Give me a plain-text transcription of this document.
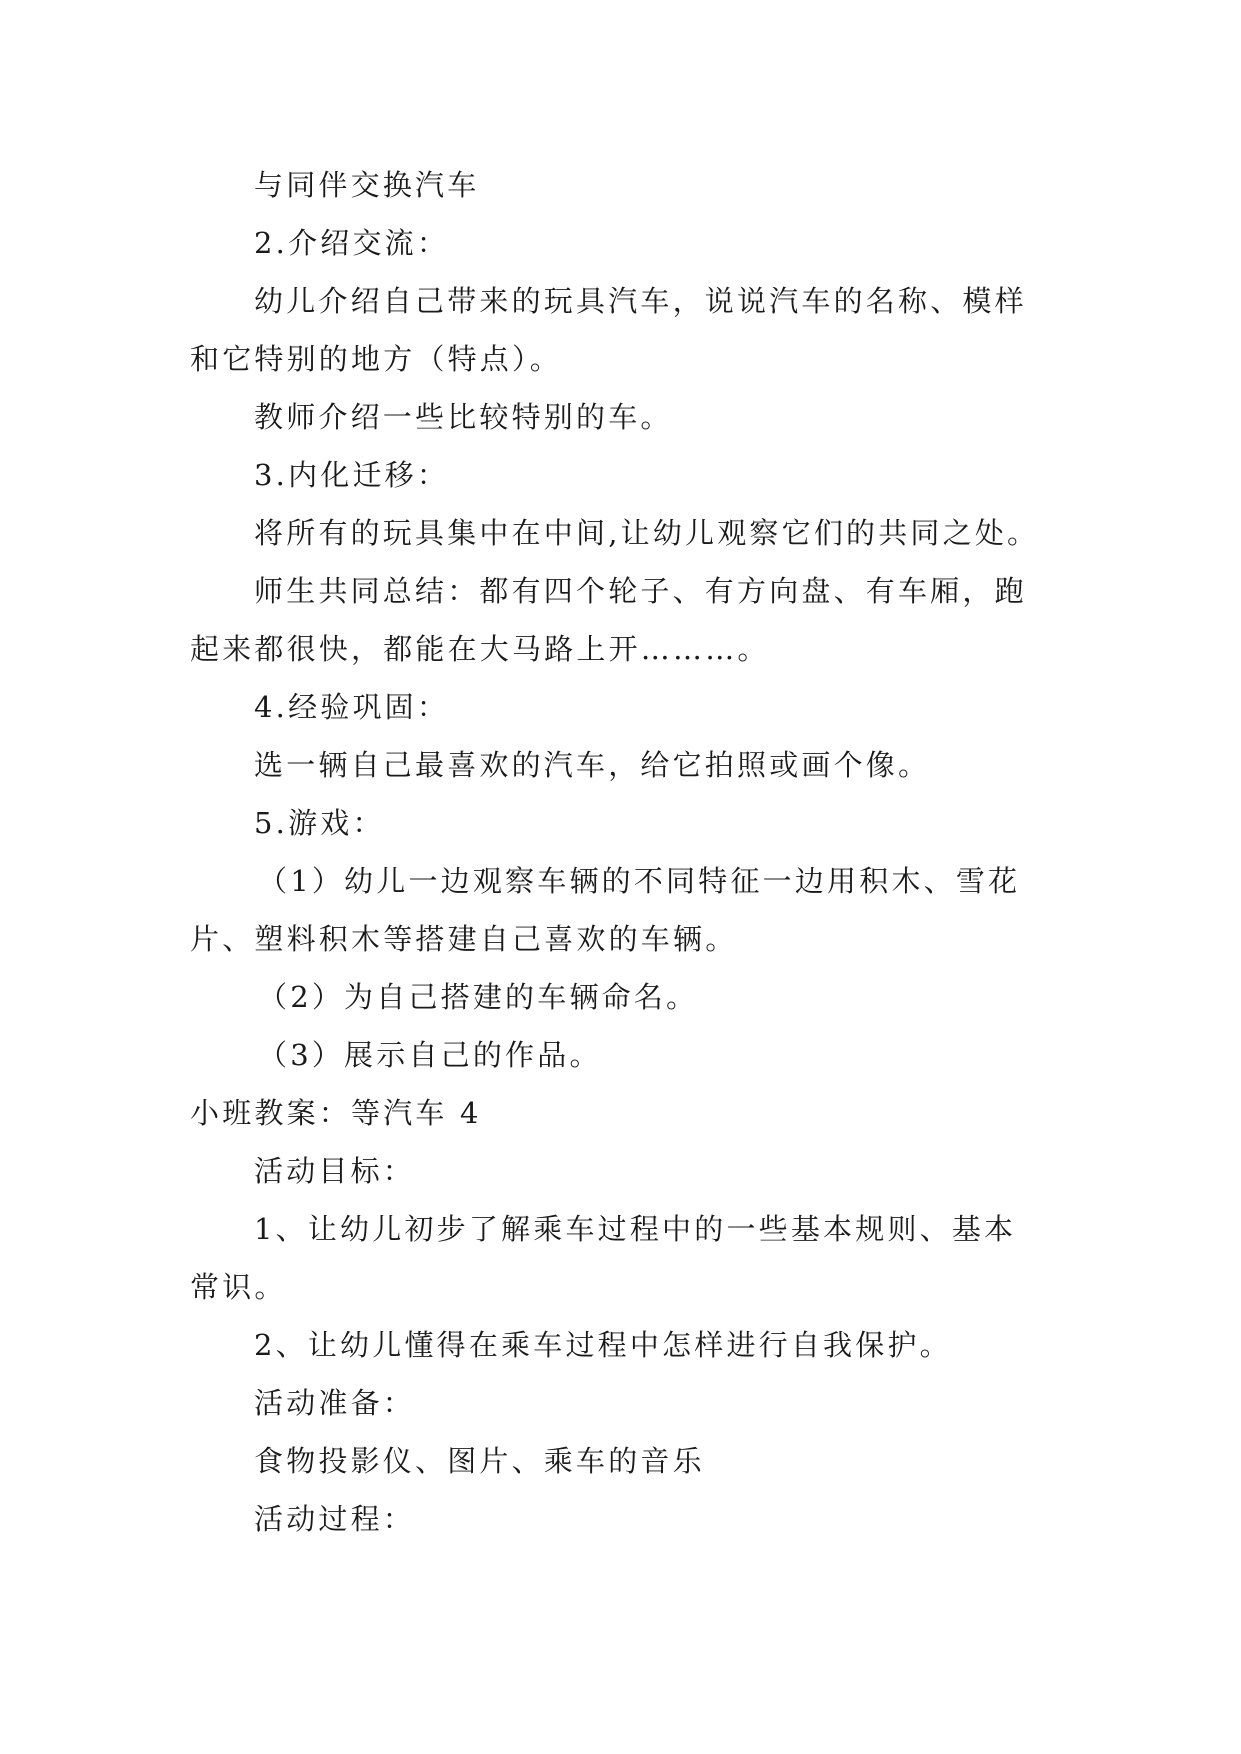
与同伴交换汽车
2.介绍交流：
幼儿介绍自己带来的玩具汽车，说说汽车的名称、模样
和它特别的地方（特点）。
教师介绍一些比较特别的车。
3.内化迁移：
将所有的玩具集中在中间,让幼儿观察它们的共同之处。
师生共同总结：都有四个轮子、有方向盘、有车厢，跑
起来都很快，都能在大马路上开………。
4.经验巩固：
选一辆自己最喜欢的汽车，给它拍照或画个像。
5.游戏：
（1）幼儿一边观察车辆的不同特征一边用积木、雪花
片、塑料积木等搭建自己喜欢的车辆。
（2）为自己搭建的车辆命名。
（3）展示自己的作品。
小班教案：等汽车 4
活动目标：
1、让幼儿初步了解乘车过程中的一些基本规则、基本
常识。
2、让幼儿懂得在乘车过程中怎样进行自我保护。
活动准备：
食物投影仪、图片、乘车的音乐
活动过程：
